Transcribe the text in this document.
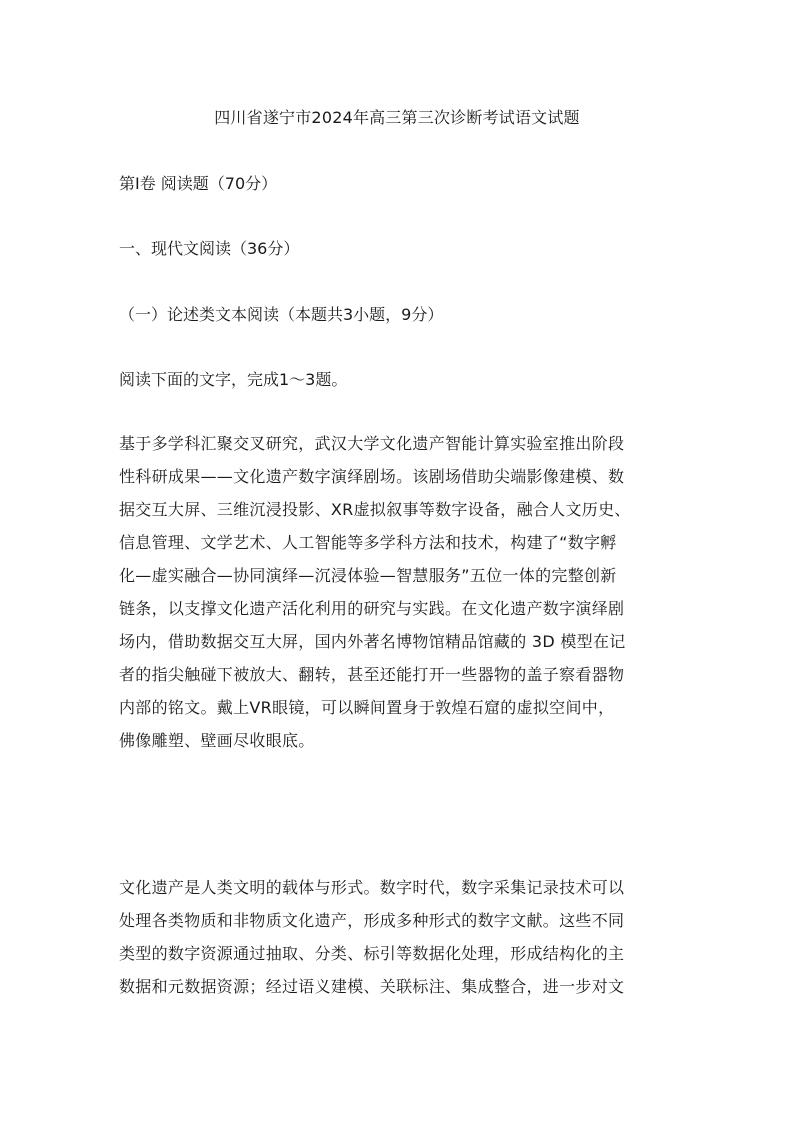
四川省遂宁市2024年高三第三次诊断考试语文试题
第Ⅰ卷 阅读题（70分）
一、现代文阅读（36分）
（一）论述类文本阅读（本题共3小题，9分）
阅读下面的文字，完成1～3题。
基于多学科汇聚交叉研究，武汉大学文化遗产智能计算实验室推出阶段
性科研成果——文化遗产数字演绎剧场。该剧场借助尖端影像建模、数
据交互大屏、三维沉浸投影、XR虚拟叙事等数字设备，融合人文历史、
信息管理、文学艺术、人工智能等多学科方法和技术，构建了“数字孵
化—虚实融合—协同演绎—沉浸体验—智慧服务”五位一体的完整创新
链条，以支撑文化遗产活化利用的研究与实践。在文化遗产数字演绎剧
场内，借助数据交互大屏，国内外著名博物馆精品馆藏的 3D 模型在记
者的指尖触碰下被放大、翻转，甚至还能打开一些器物的盖子察看器物
内部的铭文。戴上VR眼镜，可以瞬间置身于敦煌石窟的虚拟空间中，
佛像雕塑、壁画尽收眼底。
文化遗产是人类文明的载体与形式。数字时代，数字采集记录技术可以
处理各类物质和非物质文化遗产，形成多种形式的数字文献。这些不同
类型的数字资源通过抽取、分类、标引等数据化处理，形成结构化的主
数据和元数据资源；经过语义建模、关联标注、集成整合，进一步对文
